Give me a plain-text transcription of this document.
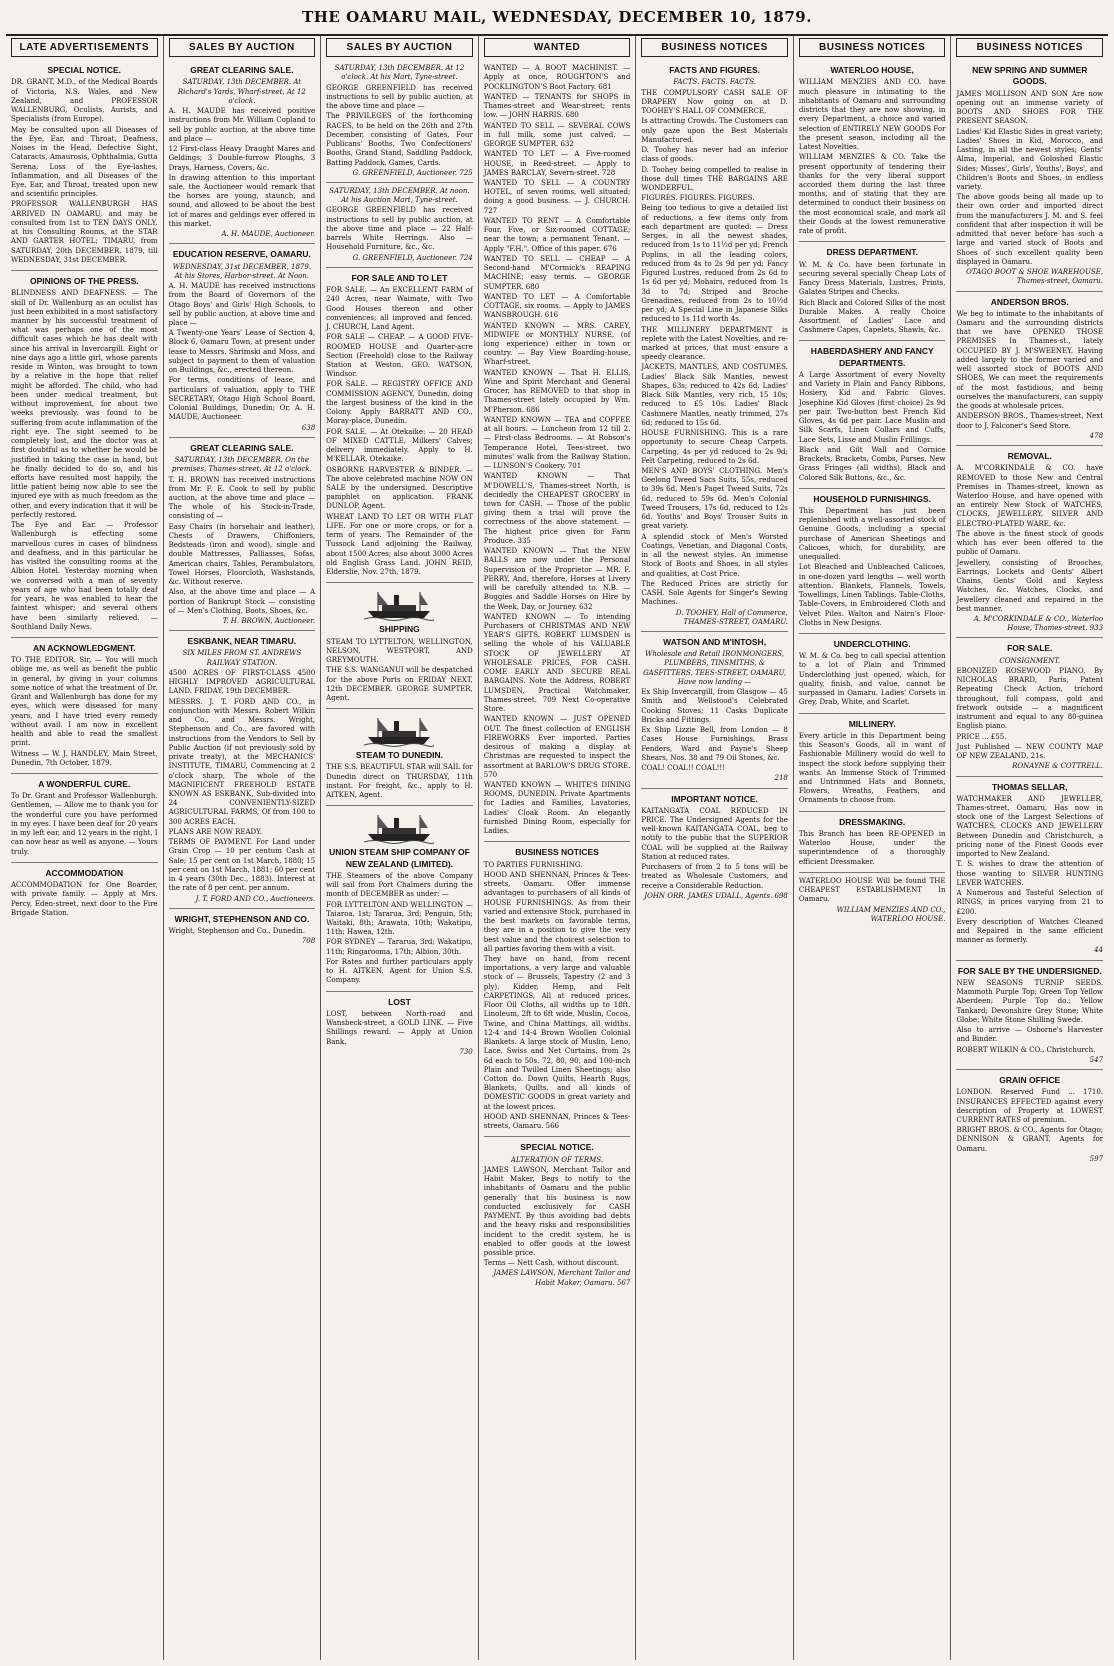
THE OAMARU MAIL, WEDNESDAY, DECEMBER 10, 1879.
LATE ADVERTISEMENTS
SPECIAL NOTICE.

DR. GRANT, M.D., of the Medical Boards of Victoria, N.S. Wales, and New Zealand, and PROFESSOR WALLENBURG, Oculists, Aurists, and Specialists (from Europe).

May be consulted upon all Diseases of the Eye, Ear, and Throat, Deafness, Noises in the Head, Defective Sight, Cataracts, Amaurosis, Ophthalmia, Gutta Serena, Loss of the Eye-lashes, Inflammation, and all Diseases of the Eye, Ear, and Throat, treated upon new and scientific principles.

PROFESSOR WALLENBURGH HAS ARRIVED IN OAMARU, and may be consulted from 1st to TEN DAYS ONLY, at his Consulting Rooms, at the STAR AND GARTER HOTEL; TIMARU, from SATURDAY, 20th DECEMBER, 1879, till WEDNESDAY, 31st DECEMBER.

OPINIONS OF THE PRESS.

BLINDNESS AND DEAFNESS. — The skill of Dr. Wallenburg as an oculist has just been exhibited in a most satisfactory manner by his successful treatment of what was perhaps one of the most difficult cases which he has dealt with since his arrival in Invercargill. Eight or nine days ago a little girl, whose parents reside in Winton, was brought to town by a relative in the hope that relief might be afforded. The child, who had been under medical treatment, but without improvement, for about two weeks previously, was found to be suffering from acute inflammation of the right eye. The sight seemed to be completely lost, and the doctor was at first doubtful as to whether he would be justified in taking the case in hand, but he finally decided to do so, and his efforts have resulted most happily, the little patient being now able to see the injured eye with as much freedom as the other, and every indication that it will be perfectly restored.

The Eye and Ear. — Professor Wallenburgh is effecting some marvellous cures in cases of blindness and deafness, and in this particular he has visited the consulting rooms at the Albion Hotel. Yesterday morning when we conversed with a man of seventy years of age who had been totally deaf for years, he was enabled to hear the faintest whisper; and several others have been similarly relieved. — Southland Daily News.

AN ACKNOWLEDGMENT.

TO THE EDITOR. Sir, — You will much oblige me, as well as benefit the public in general, by giving in your columns some notice of what the treatment of Dr. Grant and Wallenburgh has done for my eyes, which were diseased for many years, and I have tried every remedy without avail. I am now in excellent health and able to read the smallest print.

Witness — W. J. HANDLEY, Main Street, Dunedin, 7th October, 1879.

A WONDERFUL CURE.

To Dr. Grant and Professor Wallenburgh. Gentlemen, — Allow me to thank you for the wonderful cure you have performed in my eyes. I have been deaf for 20 years in my left ear, and 12 years in the right, I can now hear as well as anyone. — Yours truly.

ACCOMMODATION

ACCOMMODATION for One Boarder, with private family. — Apply at Mrs. Percy, Eden-street, next door to the Fire Brigade Station.

SALES BY AUCTION
GREAT CLEARING SALE.
SATURDAY, 13th DECEMBER. At Richard's Yards, Wharf-street. At 12 o'clock.

A. H. MAUDE has received positive instructions from Mr. William Copland to sell by public auction, at the above time and place —

12 First-class Heavy Draught Mares and Geldings; 3 Double-furrow Ploughs, 3 Drays, Harness, Covers, &c.

In drawing attention to this important sale, the Auctioneer would remark that the horses are young, staunch, and sound, and allowed to be about the best lot of mares and geldings ever offered in this market.

A. H. MAUDE, Auctioneer.
EDUCATION RESERVE, OAMARU.
WEDNESDAY, 31st DECEMBER, 1879. At his Stores, Harbor-street. At Noon.

A. H. MAUDE has received instructions from the Board of Governors of the Otago Boys' and Girls' High Schools, to sell by public auction, at above time and place —

A Twenty-one Years' Lease of Section 4, Block 6, Oamaru Town, at present under lease to Messrs. Shrimski and Moss, and subject to payment to them of valuation on Buildings, &c., erected thereon.

For terms, conditions of lease, and particulars of valuation, apply to THE SECRETARY, Otago High School Board, Colonial Buildings, Dunedin; Or, A. H. MAUDE, Auctioneer.

638
GREAT CLEARING SALE.
SATURDAY, 13th DECEMBER. On the premises, Thames-street. At 12 o'clock.

T. H. BROWN has received instructions from Mr. F. E. Cook to sell by public auction, at the above time and place — The whole of his Stock-in-Trade, consisting of —

Easy Chairs (in horsehair and leather), Chests of Drawers, Chiffoniers, Bedsteads (iron and wood), single and double Mattresses, Palliasses, Sofas, American chairs, Tables, Perambulators, Towel Horses, Floorcloth, Washstands, &c. Without reserve.

Also, at the above time and place — A portion of Bankrupt Stock — consisting of — Men's Clothing, Boots, Shoes, &c.

T. H. BROWN, Auctioneer.
ESKBANK, NEAR TIMARU.
SIX MILES FROM ST. ANDREWS RAILWAY STATION.

4500 ACRES OF FIRST-CLASS 4500 HIGHLY IMPROVED AGRICULTURAL LAND. FRIDAY, 19th DECEMBER.

MESSRS. J. T. FORD AND CO., in conjunction with Messrs. Robert Wilkin and Co., and Messrs. Wright, Stephenson and Co., are favored with instructions from the Vendors to Sell by Public Auction (if not previously sold by private treaty), at the MECHANICS' INSTITUTE, TIMARU, Commencing at 2 o'clock sharp, The whole of the MAGNIFICENT FREEHOLD ESTATE KNOWN AS ESKBANK, Sub-divided into 24 CONVENIENTLY-SIZED AGRICULTURAL FARMS, Of from 100 to 300 ACRES EACH.

PLANS ARE NOW READY.

TERMS OF PAYMENT. For Land under Grain Crop — 10 per centum Cash at Sale; 15 per cent on 1st March, 1880; 15 per cent on 1st March, 1881; 60 per cent in 4 years (30th Dec., 1883). Interest at the rate of 8 per cent. per annum.

J. T. FORD AND CO., Auctioneers.
WRIGHT, STEPHENSON AND CO.

Wright, Stephenson and Co., Dunedin.

708
SALES BY AUCTION
SATURDAY, 13th DECEMBER. At 12 o'clock. At his Mart, Tyne-street.

GEORGE GREENFIELD has received instructions to sell by public auction, at the above time and place —

The PRIVILEGES of the forthcoming RACES, to be held on the 26th and 27th December, consisting of Gates, Four Publicans' Booths, Two Confectioners' Booths, Grand Stand, Saddling Paddock, Batting Paddock, Games, Cards.

G. GREENFIELD, Auctioneer. 725
SATURDAY, 13th DECEMBER. At noon. At his Auction Mart, Tyne-street.

GEORGE GREENFIELD has received instructions to sell by public auction, at the above time and place — 22 Half-barrels White Herrings. Also — Household Furniture, &c., &c.

G. GREENFIELD, Auctioneer. 724
FOR SALE AND TO LET

FOR SALE. — An EXCELLENT FARM of 240 Acres, near Waimate, with Two Good Houses thereon and other conveniences; all improved and fenced. J. CHURCH, Land Agent.

FOR SALE — CHEAP. — A GOOD FIVE-ROOMED HOUSE and Quarter-acre Section (Freehold) close to the Railway Station at Weston. GEO. WATSON, Windsor.

FOR SALE. — REGISTRY OFFICE AND COMMISSION AGENCY, Dunedin, doing the largest business of the kind in the Colony. Apply BARRATT AND CO., Moray-place, Dunedin.

FOR SALE. — At Otekaike: — 20 HEAD OF MIXED CATTLE, Milkers' Calves; delivery immediately. Apply to H. M'KELLAR, Otekaike.

OSBORNE HARVESTER & BINDER. — The above celebrated machine NOW ON SALE by the undersigned. Descriptive pamphlet on application. FRANK DUNLOP, Agent.

WHEAT LAND TO LET OR WITH FLAT LIFE. For one or more crops, or for a term of years. The Remainder of the Tussock Land adjoining the Railway, about 1500 Acres; also about 3000 Acres old English Grass Land. JOHN REID, Elderslie, Nov. 27th, 1879.

SHIPPING

STEAM TO LYTTELTON, WELLINGTON, NELSON, WESTPORT, AND GREYMOUTH.

THE S.S. WANGANUI will be despatched for the above Ports on FRIDAY NEXT, 12th DECEMBER. GEORGE SUMPTER, Agent.

STEAM TO DUNEDIN.

THE S.S. BEAUTIFUL STAR will SAIL for Dunedin direct on THURSDAY, 11th instant. For freight, &c., apply to H. AITKEN, Agent.

UNION STEAM SHIP COMPANY OF NEW ZEALAND (LIMITED).

THE Steamers of the above Company will sail from Port Chalmers during the month of DECEMBER as under: —

FOR LYTTELTON AND WELLINGTON — Taiaroa, 1st; Tararua, 3rd; Penguin, 5th; Waitaki, 8th; Arawata, 10th; Wakatipu, 11th; Hawea, 12th.

FOR SYDNEY — Tararua, 3rd; Wakatipu, 11th; Ringarooma, 17th; Albion, 30th.

For Rates and further particulars apply to H. AITKEN, Agent for Union S.S. Company.

LOST

LOST, between North-road and Wansbeck-street, a GOLD LINK. — Five Shillings reward. — Apply at Union Bank.

730
WANTED

WANTED — A BOOT MACHINIST. — Apply at once, ROUGHTON'S and POCKLINGTON'S Boot Factory. 681

WANTED — TENANTS for SHOPS in Thames-street and Wear-street; rents low. — JOHN HARRIS. 680

WANTED TO SELL — SEVERAL COWS in full milk, some just calved. — GEORGE SUMPTER. 632

WANTED TO LET — A Five-roomed HOUSE, in Reed-street. — Apply to JAMES BARCLAY, Severn-street. 728

WANTED TO SELL — A COUNTRY HOTEL, of seven rooms, well situated; doing a good business. — J. CHURCH. 727

WANTED TO RENT — A Comfortable Four, Five, or Six-roomed COTTAGE; near the town; a permanent Tenant. — Apply "F.H.", Office of this paper. 676

WANTED TO SELL — CHEAP — A Second-hand M'Cormick's REAPING MACHINE; easy terms. — GEORGE SUMPTER. 680

WANTED TO LET — A Comfortable COTTAGE, six rooms. — Apply to JAMES WANSBROUGH. 616

WANTED KNOWN — MRS. CAREY, MIDWIFE or MONTHLY NURSE, (of long experience) either in town or country. — Bay View Boarding-house, Wharf-street.

WANTED KNOWN — That H. ELLIS, Wine and Spirit Merchant and General Grocer, has REMOVED to that shop in Thames-street lately occupied by Wm. M'Pherson. 686

WANTED KNOWN — TEA and COFFEE at all hours. — Luncheon from 12 till 2. — First-class Bedrooms. — At Robson's Temperance Hotel, Tees-street, two minutes' walk from the Railway Station. — LUNSON'S Cookery. 701

WANTED KNOWN — That M'DOWELL'S, Thames-street North, is decidedly the CHEAPEST GROCERY in town for CASH. — Those of the public giving them a trial will prove the correctness of the above statement. — The highest price given for Farm Produce. 335

WANTED KNOWN — That the NEW BALLS are now under the Personal Supervision of the Proprietor — MR. F. PERRY, And, therefore, Horses at Livery will be carefully attended to. N.B. — Buggies and Saddle Horses on Hire by the Week, Day, or Journey. 632

WANTED KNOWN — To intending Purchasers of CHRISTMAS AND NEW YEAR'S GIFTS. ROBERT LUMSDEN is selling the whole of his VALUABLE STOCK OF JEWELLERY AT WHOLESALE PRICES, FOR CASH. COME EARLY AND SECURE REAL BARGAINS. Note the Address, ROBERT LUMSDEN, Practical Watchmaker, Thames-street. 709 Next Co-operative Store.

WANTED KNOWN — JUST OPENED OUT. The finest collection of ENGLISH FIREWORKS Ever imported. Parties desirous of making a display at Christmas are requested to inspect the assortment at BARLOW'S DRUG STORE. 570

WANTED KNOWN — WHITE'S DINING ROOMS, DUNEDIN. Private Apartments for Ladies and Families, Lavatories, Ladies' Cloak Room. An elegantly furnished Dining Room, especially for Ladies.

BUSINESS NOTICES

TO PARTIES FURNISHING.

HOOD AND SHENNAN, Princes & Tees-streets, Oamaru. Offer immense advantages to purchasers of all kinds of HOUSE FURNISHINGS. As from their varied and extensive Stock, purchased in the best markets on favorable terms, they are in a position to give the very best value and the choicest selection to all parties favoring them with a visit.

They have on hand, from recent importations, a very large and valuable stock of — Brussels, Tapestry (2 and 3 ply), Kidder, Hemp, and Felt CARPETINGS, All at reduced prices. Floor Oil Cloths, all widths up to 18ft. Linoleum, 2ft to 6ft wide, Muslin, Cocoa, Twine, and China Mattings, all widths. 12-4 and 14-4 Brown Woollen Colonial Blankets. A large stock of Muslin, Leno, Lace, Swiss and Net Curtains, from 2s 6d each to 50s. 72, 80, 90, and 100-inch Plain and Twilled Linen Sheetings; also Cotton do. Down Quilts, Hearth Rugs, Blankets, Quilts, and all kinds of DOMESTIC GOODS in great variety and at the lowest prices.

HOOD AND SHENNAN, Princes & Tees-streets, Oamaru. 566

SPECIAL NOTICE.
ALTERATION OF TERMS.

JAMES LAWSON, Merchant Tailor and Habit Maker, Begs to notify to the inhabitants of Oamaru and the public generally that his business is now conducted exclusively for CASH PAYMENT. By thus avoiding bad debts and the heavy risks and responsibilities incident to the credit system, he is enabled to offer goods at the lowest possible price.

Terms — Nett Cash, without discount.

JAMES LAWSON, Merchant Tailor and Habit Maker, Oamaru. 567
BUSINESS NOTICES
FACTS AND FIGURES.
FACTS. FACTS. FACTS.

THE COMPULSORY CASH SALE OF DRAPERY Now going on at D. TOOHEY'S HALL OF COMMERCE,

Is attracting Crowds. The Customers can only gaze upon the Best Materials Manufactured.

D. Toohey has never had an inferior class of goods.

D. Toohey being compelled to realise in those dull times THE BARGAINS ARE WONDERFUL.

FIGURES. FIGURES. FIGURES.

Being too tedious to give a detailed list of reductions, a few items only from each department are quoted: — Dress Serges, in all the newest shades, reduced from 1s to 11½d per yd; French Poplins, in all the leading colors, reduced from 4s to 2s 9d per yd; Fancy Figured Lustres, reduced from 2s 6d to 1s 6d per yd; Mohairs, reduced from 1s 3d to 7d; Striped and Broche Grenadines, reduced from 2s to 10½d per yd; A Special Line in Japanese Silks reduced to 1s 11d worth 4s.

THE MILLINERY DEPARTMENT is replete with the Latest Novelties, and re-marked at prices, that must ensure a speedy clearance.

JACKETS, MANTLES, AND COSTUMES. Ladies' Black Silk Mantles, newest Shapes, 63s; reduced to 42s 6d. Ladies' Black Silk Mantles, very rich, 15 10s; reduced to £5 10s. Ladies' Black Cashmere Mantles, neatly trimmed, 27s 6d; reduced to 15s 6d.

HOUSE FURNISHING. This is a rare opportunity to secure Cheap Carpets. Carpeting, 4s per yd reduced to 2s 9d; Felt Carpeting, reduced to 2s 6d.

MEN'S AND BOYS' CLOTHING. Men's Geelong Tweed Sacs Suits, 55s, reduced to 39s 6d. Men's Paget Tweed Suits, 72s 6d, reduced to 59s 6d. Men's Colonial Tweed Trousers, 17s 6d, reduced to 12s 6d. Youths' and Boys' Trouser Suits in great variety.

A splendid stock of Men's Worsted Coatings, Venetian, and Diagonal Coats, in all the newest styles. An immense Stock of Boots and Shoes, in all styles and qualities, at Cost Price.

The Reduced Prices are strictly for CASH. Sole Agents for Singer's Sewing Machines.

D. TOOHEY, Hall of Commerce, THAMES-STREET, OAMARU.
WATSON AND M'INTOSH,
Wholesale and Retail IRONMONGERS, PLUMBERS, TINSMITHS, & GASFITTERS, TEES-STREET, OAMARU, Have now landing —

Ex Ship Invercargill, from Glasgow — 45 Smith and Wellstood's Celebrated Cooking Stoves; 11 Casks Duplicate Bricks and Fittings.

Ex Ship Lizzie Bell, from London — 8 Cases House Furnishings, Brass Fenders, Ward and Payne's Sheep Shears, Nos. 38 and 79 Oil Stones, &c.

COAL! COAL!! COAL!!!

218
IMPORTANT NOTICE.

KAITANGATA COAL REDUCED IN PRICE. The Undersigned Agents for the well-known KAITANGATA COAL, beg to notify to the public that the SUPERIOR COAL will be supplied at the Railway Station at reduced rates.

Purchasers of from 2 to 5 tons will be treated as Wholesale Customers, and receive a Considerable Reduction.

JOHN ORR, JAMES UDALL, Agents. 698
BUSINESS NOTICES
WATERLOO HOUSE,

WILLIAM MENZIES AND CO. have much pleasure in intimating to the inhabitants of Oamaru and surrounding districts that they are now showing, in every Department, a choice and varied selection of ENTIRELY NEW GOODS For the present season, including all the Latest Novelties.

WILLIAM MENZIES & CO. Take the present opportunity of tendering their thanks for the very liberal support accorded them during the last three months, and of stating that they are determined to conduct their business on the most economical scale, and mark all their Goods at the lowest remunerative rate of profit.

DRESS DEPARTMENT.

W. M. & Co. have been fortunate in securing several specially Cheap Lots of Fancy Dress Materials, Lustres, Prints, Galatea Stripes and Checks.

Rich Black and Colored Silks of the most Durable Makes. A really Choice Assortment of Ladies' Lace and Cashmere Capes, Capelets, Shawls, &c.

HABERDASHERY AND FANCY DEPARTMENTS.

A Large Assortment of every Novelty and Variety in Plain and Fancy Ribbons, Hosiery, Kid and Fabric Gloves. Josephine Kid Gloves (first choice) 2s 9d per pair. Two-button best French Kid Gloves, 4s 6d per pair. Lace Muslin and Silk Scarfs, Linen Collars and Cuffs, Lace Sets, Lisse and Muslin Frillings.

Black and Gilt Wall and Cornice Brackets, Brackets, Combs, Purses, New Grass Fringes (all widths), Black and Colored Silk Buttons, &c., &c.

HOUSEHOLD FURNISHINGS.

This Department has just been replenished with a well-assorted stock of Genuine Goods, including a special purchase of American Sheetings and Calicoes, which, for durability, are unequalled.

Lot Bleached and Unbleached Calicoes, in one-dozen yard lengths — well worth attention. Blankets, Flannels, Towels, Towellings, Linen Tablings, Table-Cloths, Table-Covers, in Embroidered Cloth and Velvet Piles. Walton and Nairn's Floor-Cloths in New Designs.

UNDERCLOTHING.

W. M. & Co. beg to call special attention to a lot of Plain and Trimmed Underclothing just opened, which, for quality, finish, and value, cannot be surpassed in Oamaru. Ladies' Corsets in Grey, Drab, White, and Scarlet.

MILLINERY.

Every article in this Department being this Season's Goods, all in want of Fashionable Millinery would do well to inspect the stock before supplying their wants. An Immense Stock of Trimmed and Untrimmed Hats and Bonnets, Flowers, Wreaths, Feathers, and Ornaments to choose from.

DRESSMAKING.

This Branch has been RE-OPENED in Waterloo House, under the superintendence of a thoroughly efficient Dressmaker.

WATERLOO HOUSE Will be found THE CHEAPEST ESTABLISHMENT In Oamaru.

WILLIAM MENZIES AND CO., WATERLOO HOUSE.
BUSINESS NOTICES
NEW SPRING AND SUMMER GOODS.

JAMES MOLLISON AND SON Are now opening out an immense variety of BOOTS AND SHOES FOR THE PRESENT SEASON.

Ladies' Kid Elastic Sides in great variety; Ladies' Shoes in Kid, Morocco, and Lasting, in all the newest styles; Gents' Alma, Imperial, and Goloshed Elastic Sides; Misses', Girls', Youths', Boys', and Children's Boots and Shoes, in endless variety.

The above goods being all made up to their own order and imported direct from the manufacturers J. M. and S. feel confident that after inspection it will be admitted that never before has such a large and varied stock of Boots and Shoes of such excellent quality been displayed in Oamaru.

OTAGO BOOT & SHOE WAREHOUSE, Thames-street, Oamaru.
ANDERSON BROS.

We beg to intimate to the inhabitants of Oamaru and the surrounding districts that we have OPENED THOSE PREMISES In Thames-st., lately OCCUPIED BY J. M'SWEENEY. Having added largely to the former varied and well assorted stock of BOOTS AND SHOES, We can meet the requirements of the most fastidious, and being ourselves the manufacturers, can supply the goods at wholesale prices.

ANDERSON BROS., Thames-street, Next door to J. Falconer's Seed Store.

478
REMOVAL.

A. M'CORKINDALE & CO. have REMOVED to those New and Central Premises in Thames-street, known as Waterloo House, and have opened with an entirely New Stock of WATCHES, CLOCKS, JEWELLERY, SILVER AND ELECTRO-PLATED WARE, &c.

The above is the finest stock of goods which has ever been offered to the public of Oamaru.

Jewellery, consisting of Brooches, Earrings, Lockets and Gents' Albert Chains, Gents' Gold and Keyless Watches, &c. Watches, Clocks, and Jewellery cleaned and repaired in the best manner.

A. M'CORKINDALE & CO., Waterloo House, Thames-street. 933
FOR SALE.
CONSIGNMENT.

EBONIZED ROSEWOOD PIANO, By NICHOLAS BRARD, Paris, Patent Repeating Check Action, trichord throughout, full compass, gold and fretwork outside — a magnificent instrument and equal to any 80-guinea English piano.

PRICE ... £55.

Just Published — NEW COUNTY MAP OF NEW ZEALAND, 21s.

RONAYNE & COTTRELL.
THOMAS SELLAR,

WATCHMAKER AND JEWELLER, Thames-street, Oamaru, Has now in stock one of the Largest Selections of WATCHES, CLOCKS AND JEWELLERY Between Dunedin and Christchurch, a pricing none of the Finest Goods ever imported to New Zealand.

T. S. wishes to draw the attention of those wanting to SILVER HUNTING LEVER WATCHES.

A Numerous and Tasteful Selection of RINGS, in prices varying from 21 to £200.

Every description of Watches Cleaned and Repaired in the same efficient manner as formerly.

44
FOR SALE BY THE UNDERSIGNED.

NEW SEASONS TURNIP SEEDS. Mammoth Purple Top; Green Top Yellow Aberdeen; Purple Top do.; Yellow Tankard; Devonshire Grey Stone; White Globe; White Stone Shilling Swede.

Also to arrive — Osborne's Harvester and Binder.

ROBERT WILKIN & CO., Christchurch.

547
GRAIN OFFICE

LONDON. Reserved Fund ... 1710. INSURANCES EFFECTED against every description of Property at LOWEST CURRENT RATES of premium.

BRIGHT BROS. & CO., Agents for Otago; DENNISON & GRANT, Agents for Oamaru.

597
